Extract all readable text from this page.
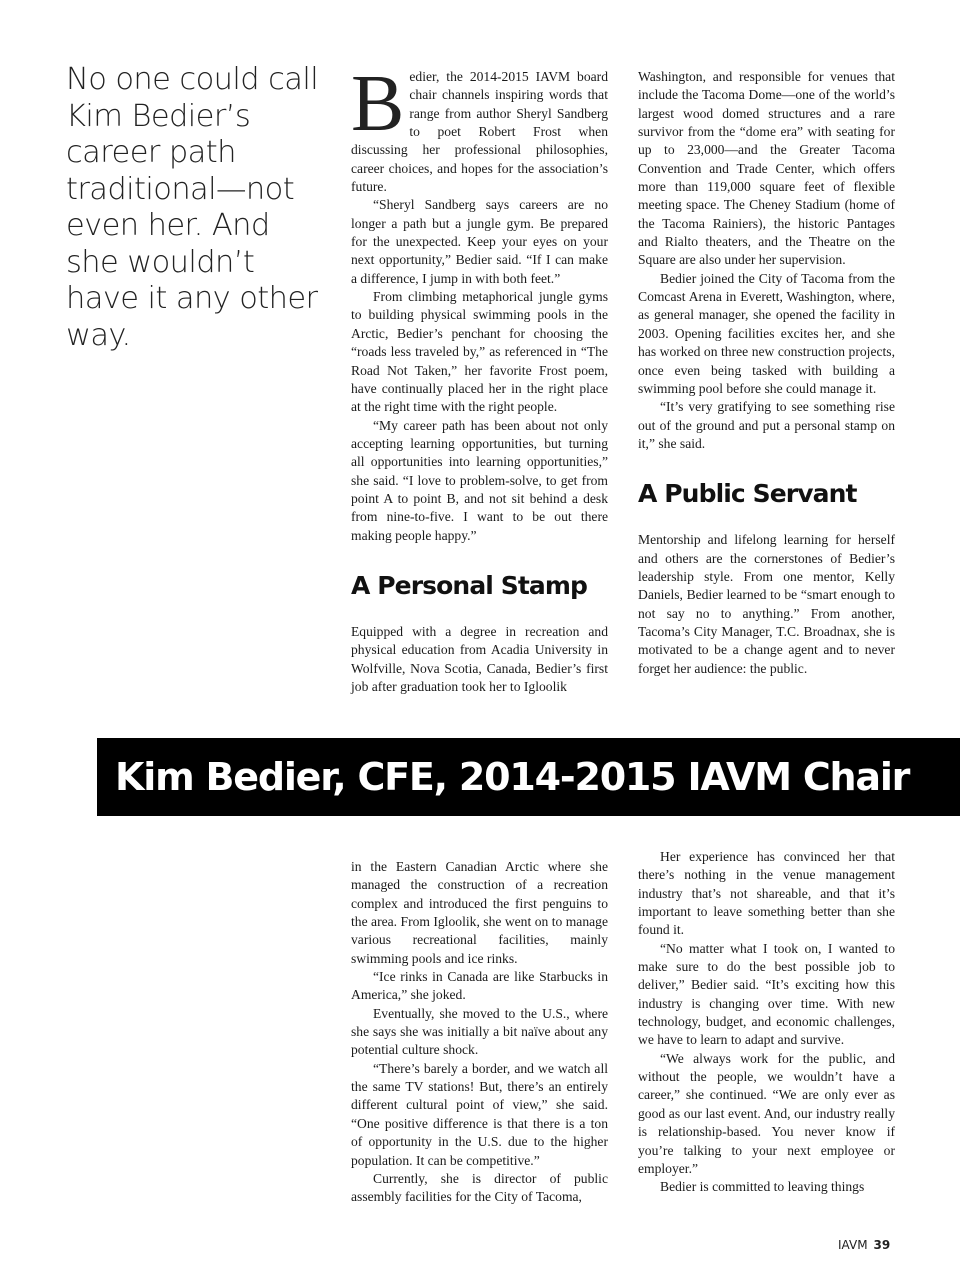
No one could call Kim Bedier’s career path traditional—not even her. And she wouldn’t have it any other way.

Bedier, the 2014-2015 IAVM board chair channels inspiring words that range from author Sheryl Sandberg to poet Robert Frost when discussing her professional philosophies, career choices, and hopes for the association’s future.

“Sheryl Sandberg says careers are no longer a path but a jungle gym. Be prepared for the unexpected. Keep your eyes on your next opportunity,” Bedier said. “If I can make a difference, I jump in with both feet.”

From climbing metaphorical jungle gyms to building physical swimming pools in the Arctic, Bedier’s penchant for choosing the “roads less traveled by,” as referenced in “The Road Not Taken,” her favorite Frost poem, have continually placed her in the right place at the right time with the right people.

“My career path has been about not only accepting learning opportunities, but turning all opportunities into learning opportunities,” she said. “I love to problem-solve, to get from point A to point B, and not sit behind a desk from nine-to-five. I want to be out there making people happy.”

A Personal Stamp

Equipped with a degree in recreation and physical education from Acadia University in Wolfville, Nova Scotia, Canada, Bedier’s first job after graduation took her to Igloolik

Washington, and responsible for venues that include the Tacoma Dome—one of the world’s largest wood domed structures and a rare survivor from the “dome era” with seating for up to 23,000—and the Greater Tacoma Convention and Trade Center, which offers more than 119,000 square feet of flexible meeting space. The Cheney Stadium (home of the Tacoma Rainiers), the historic Pantages and Rialto theaters, and the Theatre on the Square are also under her supervision.

Bedier joined the City of Tacoma from the Comcast Arena in Everett, Washington, where, as general manager, she opened the facility in 2003. Opening facilities excites her, and she has worked on three new construction projects, once even being tasked with building a swimming pool before she could manage it.

“It’s very gratifying to see something rise out of the ground and put a personal stamp on it,” she said.

A Public Servant

Mentorship and lifelong learning for herself and others are the cornerstones of Bedier’s leadership style. From one mentor, Kelly Daniels, Bedier learned to be “smart enough to not say no to anything.” From another, Tacoma’s City Manager, T.C. Broadnax, she is motivated to be a change agent and to never forget her audience: the public.

Kim Bedier, CFE, 2014-2015 IAVM Chair

in the Eastern Canadian Arctic where she managed the construction of a recreation complex and introduced the first penguins to the area. From Igloolik, she went on to manage various recreational facilities, mainly swimming pools and ice rinks.

“Ice rinks in Canada are like Starbucks in America,” she joked.

Eventually, she moved to the U.S., where she says she was initially a bit naïve about any potential culture shock.

“There’s barely a border, and we watch all the same TV stations! But, there’s an entirely different cultural point of view,” she said. “One positive difference is that there is a ton of opportunity in the U.S. due to the higher population. It can be competitive.”

Currently, she is director of public assembly facilities for the City of Tacoma,

Her experience has convinced her that there’s nothing in the venue management industry that’s not shareable, and that it’s important to leave something better than she found it.

“No matter what I took on, I wanted to make sure to do the best possible job to deliver,” Bedier said. “It’s exciting how this industry is changing over time. With new technology, budget, and economic challenges, we have to learn to adapt and survive.

“We always work for the public, and without the people, we wouldn’t have a career,” she continued. “We are only ever as good as our last event. And, our industry really is relationship-based. You never know if you’re talking to your next employee or employer.”

Bedier is committed to leaving things

IAVM 39
